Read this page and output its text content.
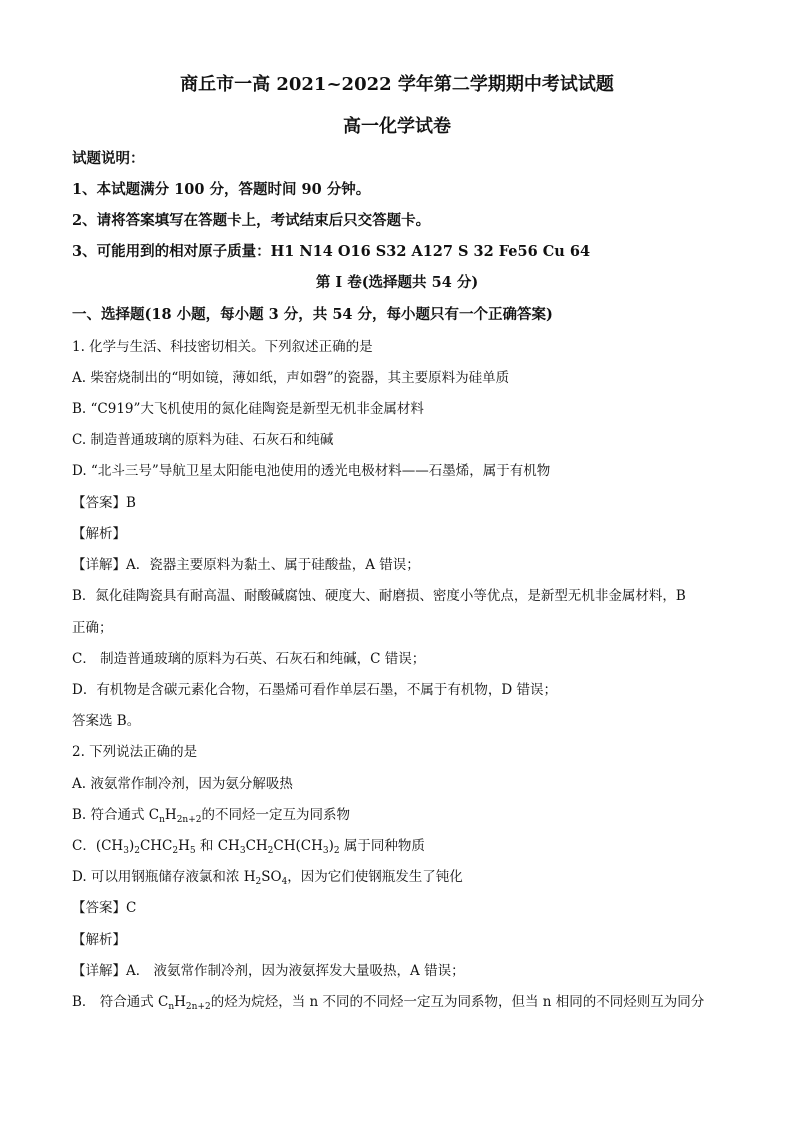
商丘市一高 2021~2022 学年第二学期期中考试试题
高一化学试卷
试题说明：
1、本试题满分 100 分，答题时间 90 分钟。
2、请将答案填写在答题卡上，考试结束后只交答题卡。
3、可能用到的相对原子质量：H1 N14 O16 S32 A127 S 32 Fe56 Cu 64
第 I 卷(选择题共 54 分)
一、选择题(18 小题，每小题 3 分，共 54 分，每小题只有一个正确答案)
1. 化学与生活、科技密切相关。下列叙述正确的是
A. 柴窑烧制出的“明如镜，薄如纸，声如磬”的瓷器，其主要原料为硅单质
B. “C919”大飞机使用的氮化硅陶瓷是新型无机非金属材料
C. 制造普通玻璃的原料为硅、石灰石和纯碱
D. “北斗三号”导航卫星太阳能电池使用的透光电极材料——石墨烯，属于有机物
【答案】B
【解析】
【详解】A．瓷器主要原料为黏土、属于硅酸盐，A 错误；
B．氮化硅陶瓷具有耐高温、耐酸碱腐蚀、硬度大、耐磨损、密度小等优点，是新型无机非金属材料，B
正确；
C． 制造普通玻璃的原料为石英、石灰石和纯碱，C 错误；
D．有机物是含碳元素化合物，石墨烯可看作单层石墨，不属于有机物，D 错误；
答案选 B。
2. 下列说法正确的是
A. 液氨常作制冷剂，因为氨分解吸热
B. 符合通式 $C_nH_{2n+2}$的不同烃一定互为同系物
C．$(CH_3)_2CHC_2H_5$ 和 $CH_3CH_2CH(CH_3)_2$ 属于同种物质
D. 可以用钢瓶储存液氯和浓 $H_2SO_4$，因为它们使钢瓶发生了钝化
【答案】C
【解析】
【详解】A． 液氨常作制冷剂，因为液氨挥发大量吸热，A 错误；
B． 符合通式 $C_nH_{2n+2}$的烃为烷烃，当 n 不同的不同烃一定互为同系物，但当 n 相同的不同烃则互为同分
